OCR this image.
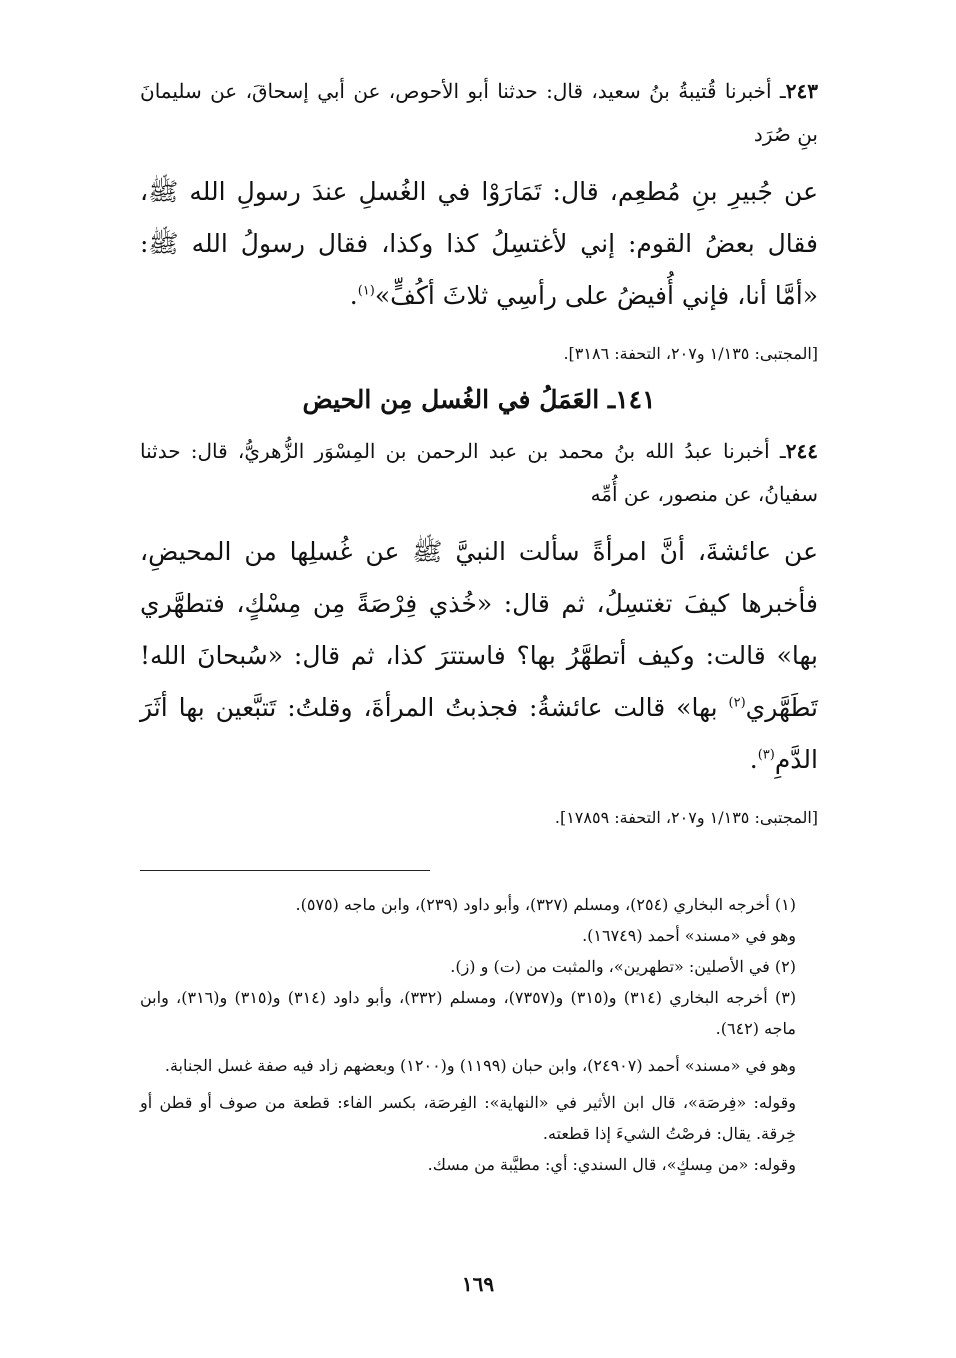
٢٤٣ـ أخبرنا قُتيبةُ بنُ سعيد، قال: حدثنا أبو الأحوص، عن أبي إسحاقَ، عن سليمانَ بنِ صُرَد

عن جُبيرِ بنِ مُطعِم، قال: تَمَارَوْا في الغُسلِ عندَ رسولِ الله ﷺ، فقال بعضُ القوم: إني لأغتسِلُ كذا وكذا، فقال رسولُ الله ﷺ: «أمَّا أنا، فإني أُفيضُ على رأسِي ثلاثَ أكُفٍّ»$^{(١)}$.

[المجتبى: ١/١٣٥ و٢٠٧، التحفة: ٣١٨٦].

١٤١ـ العَمَلُ في الغُسل مِن الحيض

٢٤٤ـ أخبرنا عبدُ الله بنُ محمد بن عبد الرحمن بن المِسْوَر الزُّهريُّ، قال: حدثنا سفيانُ، عن منصور، عن أُمِّه

عن عائشةَ، أنَّ امرأةً سألت النبيَّ ﷺ عن غُسلِها من المحيضِ، فأخبرها كيفَ تغتسِلُ، ثم قال: «خُذي فِرْصَةً مِن مِسْكٍ، فتطهَّري بها» قالت: وكيف أتطهَّرُ بها؟ فاستترَ كذا، ثم قال: «سُبحانَ الله! تَطَهَّري$^{(٢)}$ بها» قالت عائشةُ: فجذبتُ المرأةَ، وقلتُ: تَتبَّعين بها أثَرَ الدَّمِ$^{(٣)}$.

[المجتبى: ١/١٣٥ و٢٠٧، التحفة: ١٧٨٥٩].

(١) أخرجه البخاري (٢٥٤)، ومسلم (٣٢٧)، وأبو داود (٢٣٩)، وابن ماجه (٥٧٥).

وهو في «مسند» أحمد (١٦٧٤٩).

(٢) في الأصلين: «تطهرين»، والمثبت من (ت) و (ز).

(٣) أخرجه البخاري (٣١٤) و(٣١٥) و(٧٣٥٧)، ومسلم (٣٣٢)، وأبو داود (٣١٤) و(٣١٥) و(٣١٦)، وابن ماجه (٦٤٢).

وهو في «مسند» أحمد (٢٤٩٠٧)، وابن حبان (١١٩٩) و(١٢٠٠) وبعضهم زاد فيه صفة غسل الجنابة.

وقوله: «فِرصَة»، قال ابن الأثير في «النهاية»: الفِرصَة، بكسر الفاء: قطعة من صوف أو قطن أو خِرقة. يقال: فرصْتُ الشيءَ إذا قطعته.

وقوله: «من مِسكٍ»، قال السندي: أي: مطيَّبة من مسك.

١٦٩
